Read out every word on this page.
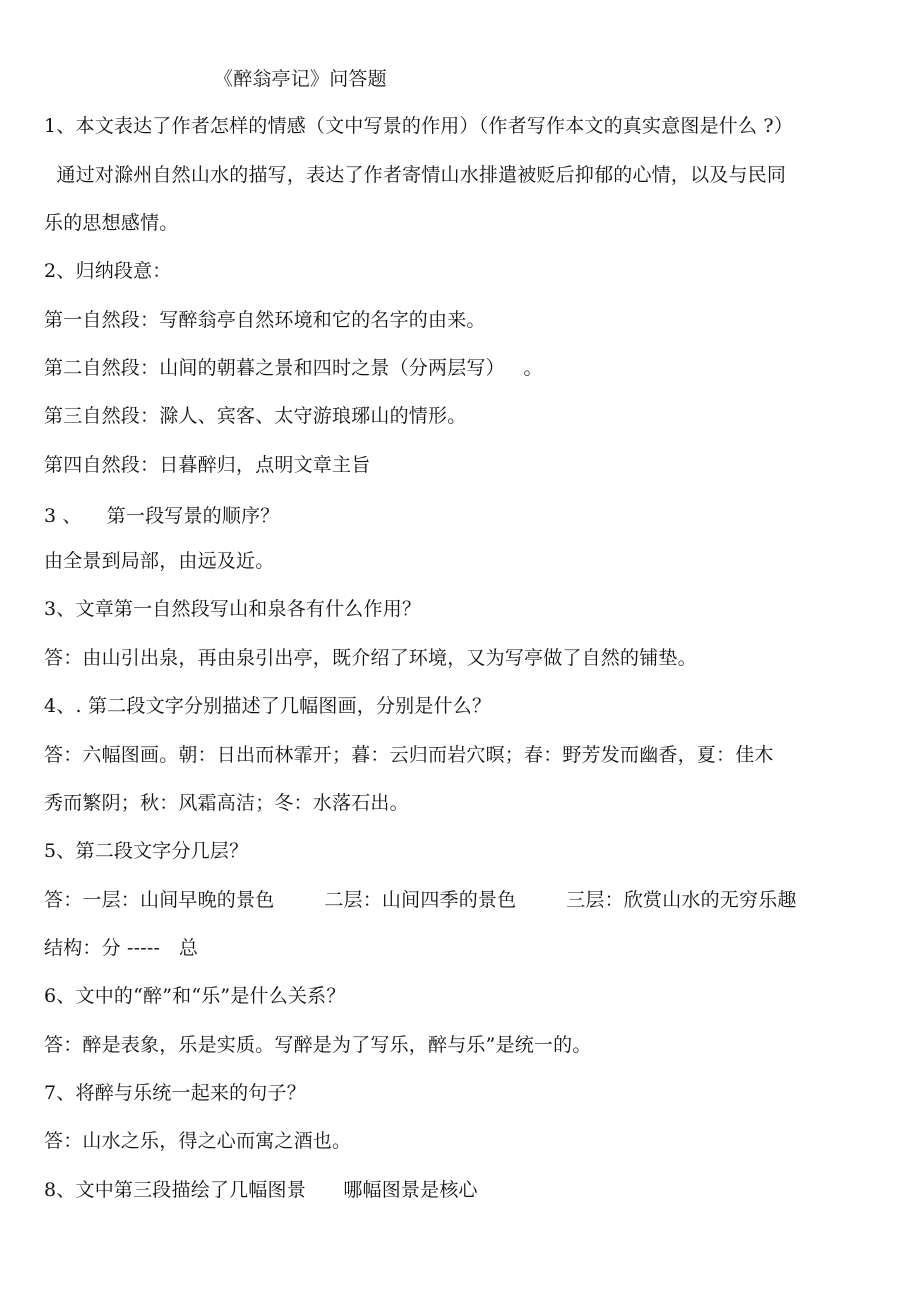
《醉翁亭记》问答题
1、本文表达了作者怎样的情感（文中写景的作用）（作者写作本文的真实意图是什么 ?）
通过对滁州自然山水的描写，表达了作者寄情山水排遣被贬后抑郁的心情，以及与民同
乐的思想感情。
2、归纳段意：
第一自然段：写醉翁亭自然环境和它的名字的由来。
第二自然段：山间的朝暮之景和四时之景（分两层写）   。
第三自然段：滁人、宾客、太守游琅琊山的情形。
第四自然段：日暮醉归，点明文章主旨
3 、    第一段写景的顺序？
由全景到局部，由远及近。
3、文章第一自然段写山和泉各有什么作用？
答：由山引出泉，再由泉引出亭，既介绍了环境，又为写亭做了自然的铺垫。
4、. 第二段文字分别描述了几幅图画，分别是什么？
答：六幅图画。朝：日出而林霏开；暮：云归而岩穴暝；春：野芳发而幽香，夏：佳木
秀而繁阴；秋：风霜高洁；冬：水落石出。
5、第二段文字分几层？
答：一层：山间早晚的景色        二层：山间四季的景色        三层：欣赏山水的无穷乐趣
结构：分 -----   总
6、文中的“醉”和“乐”是什么关系？
答：醉是表象，乐是实质。写醉是为了写乐，醉与乐”是统一的。
7、将醉与乐统一起来的句子？
答：山水之乐，得之心而寓之酒也。
8、文中第三段描绘了几幅图景      哪幅图景是核心
